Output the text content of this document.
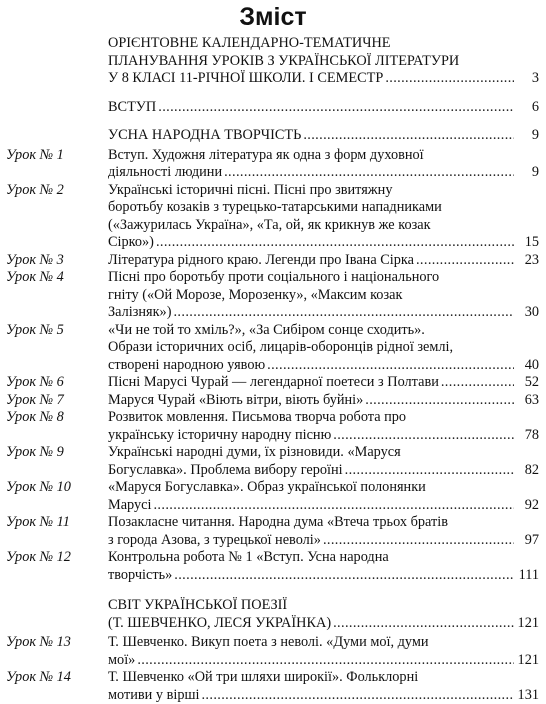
Зміст
ОРІЄНТОВНЕ КАЛЕНДАРНО-ТЕМАТИЧНЕ
ПЛАНУВАННЯ УРОКІВ З УКРАЇНСЬКОЇ ЛІТЕРАТУРИ
У 8 КЛАСІ 11-РІЧНОЇ ШКОЛИ. І СЕМЕСТР . . .	3
ВСТУП . . .	6
УСНА НАРОДНА ТВОРЧІСТЬ . . .	9
Урок № 1	Вступ. Художня література як одна з форм духовної
діяльності людини . . .	9
Урок № 2	Українські історичні пісні. Пісні про звитяжну
боротьбу козаків з турецько-татарськими нападниками
(«Зажурилась Україна», «Та, ой, як крикнув же козак
Сірко») . . .	15
Урок № 3	Література рідного краю. Легенди про Івана Сірка . . .	23
Урок № 4	Пісні про боротьбу проти соціального і національного
гніту («Ой Морозе, Морозенку», «Максим козак
Залізняк») . . .	30
Урок № 5	«Чи не той то хміль?», «За Сибіром сонце сходить».
Образи історичних осіб, лицарів-оборонців рідної землі,
створені народною уявою . . .	40
Урок № 6	Пісні Марусі Чурай — легендарної поетеси з Полтави . . .	52
Урок № 7	Маруся Чурай «Віють вітри, віють буйні» . . .	63
Урок № 8	Розвиток мовлення. Письмова творча робота про
українську історичну народну пісню . . .	78
Урок № 9	Українські народні думи, їх різновиди. «Маруся
Богуславка». Проблема вибору героїні . . .	82
Урок № 10	«Маруся Богуславка». Образ української полонянки
Марусі . . .	92
Урок № 11	Позакласне читання. Народна дума «Втеча трьох братів
з города Азова, з турецької неволі» . . .	97
Урок № 12	Контрольна робота № 1 «Вступ. Усна народна
творчість» . . .	111
СВІТ УКРАЇНСЬКОЇ ПОЕЗІЇ
(Т. ШЕВЧЕНКО, ЛЕСЯ УКРАЇНКА) . . .	121
Урок № 13	Т. Шевченко. Викуп поета з неволі. «Думи мої, думи
мої» . . .	121
Урок № 14	Т. Шевченко «Ой три шляхи широкії». Фольклорні
мотиви у вірші . . .	131
